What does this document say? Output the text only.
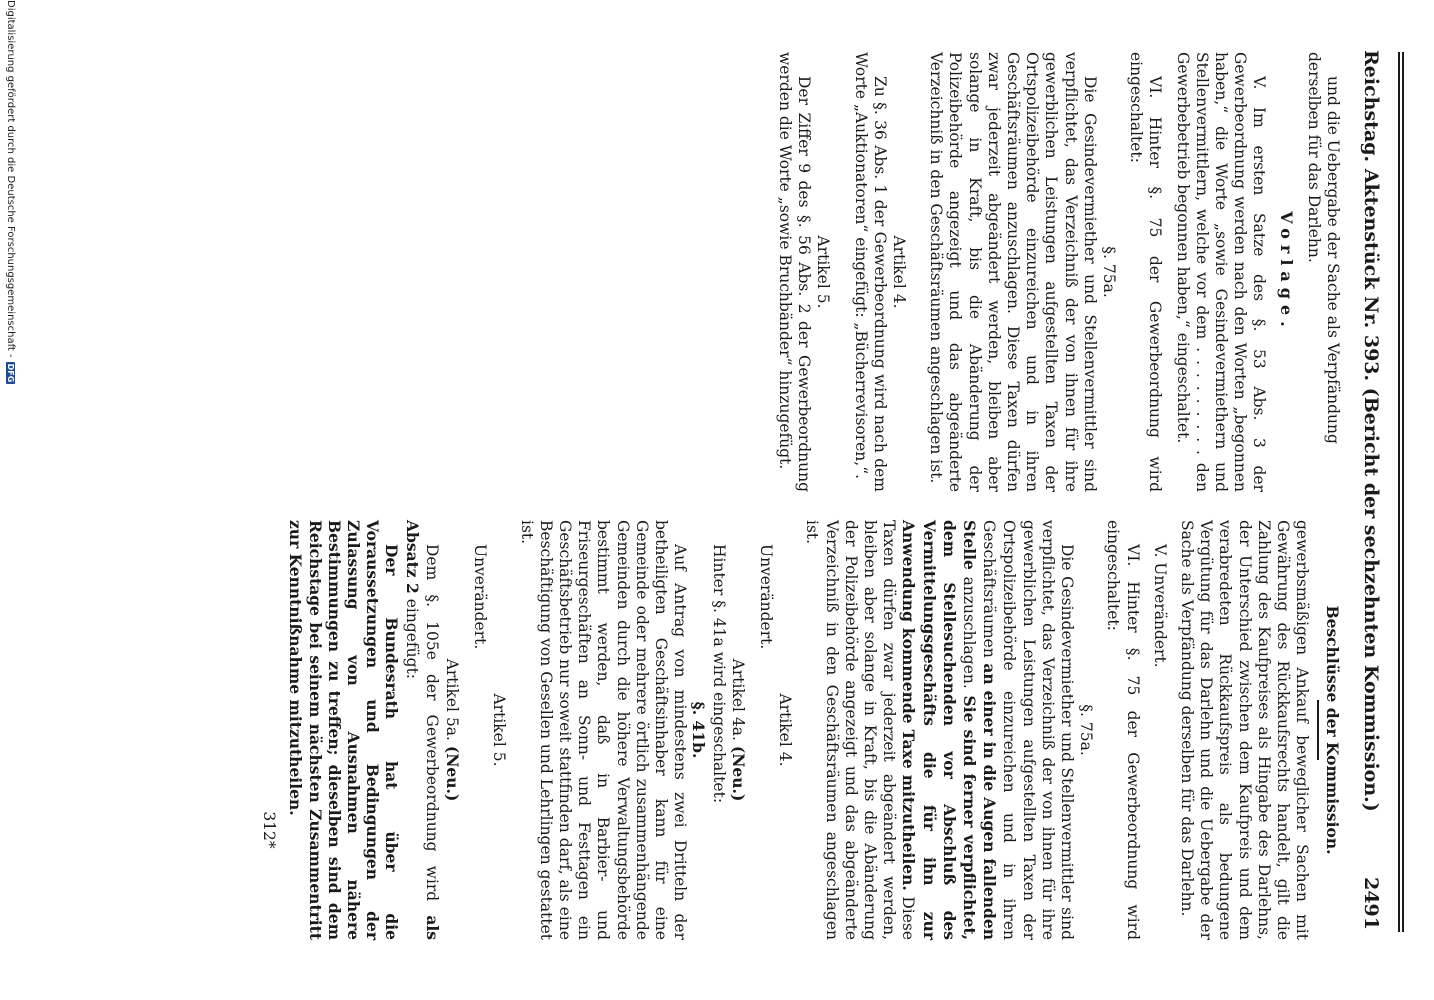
Reichstag. Aktenstück Nr. 393. (Bericht der sechzehnten Kommission.)
2491

und die Uebergabe der Sache als Verpfändung

derselben für das Darlehn.

Vorlage.

V. Im ersten Satze des §. 53 Abs. 3 der Gewerbeordnung werden nach den Worten „begonnen haben,“ die Worte „sowie Gesindevermiethern und Stellenvermittlern, welche vor dem . . . . . . . . . den Gewerbebetrieb begonnen haben,“ eingeschaltet.

VI. Hinter §. 75 der Gewerbeordnung wird eingeschaltet:

§. 75a.

Die Gesindevermiether und Stellenvermittler sind verpflichtet, das Verzeichniß der von ihnen für ihre gewerblichen Leistungen aufgestellten Taxen der Ortspolizeibehörde einzureichen und in ihren Geschäftsräumen anzuschlagen. Diese Taxen dürfen zwar jederzeit abgeändert werden, bleiben aber solange in Kraft, bis die Abänderung der Polizeibehörde angezeigt und das abgeänderte Verzeichniß in den Geschäftsräumen angeschlagen ist.

Artikel 4.

Zu §. 36 Abs. 1 der Gewerbeordnung wird nach dem Worte „Auktionatoren“ eingefügt: „Bücherrevisoren,“.

Artikel 5.

Der Ziffer 9 des §. 56 Abs. 2 der Gewerbeordnung werden die Worte „sowie Bruchbänder“ hinzugefügt.

Beschlüsse der Kommission.

gewerbsmäßigen Ankauf beweglicher Sachen mit Gewährung des Rückkaufsrechts handelt, gilt die Zahlung des Kaufpreises als Hingabe des Darlehns, der Unterschied zwischen dem Kaufpreis und dem verabredeten Rückkaufspreis als bedungene Vergütung für das Darlehn und die Uebergabe der Sache als Verpfändung derselben für das Darlehn.

V. Unverändert.

VI. Hinter §. 75 der Gewerbeordnung wird eingeschaltet:

§. 75a.

Die Gesindevermiether und Stellenvermittler sind verpflichtet, das Verzeichniß der von ihnen für ihre gewerblichen Leistungen aufgestellten Taxen der Ortspolizeibehörde einzureichen und in ihren Geschäftsräumen an einer in die Augen fallenden Stelle anzuschlagen. Sie sind ferner verpflichtet, dem Stellesuchenden vor Abschluß des Vermittelungsgeschäfts die für ihn zur Anwendung kommende Taxe mitzutheilen. Diese Taxen dürfen zwar jederzeit abgeändert werden, bleiben aber solange in Kraft, bis die Abänderung der Polizeibehörde angezeigt und das abgeänderte Verzeichniß in den Geschäftsräumen angeschlagen ist.

Artikel 4.

Unverändert.

Artikel 4a. (Neu.)

Hinter §. 41a wird eingeschaltet:

§. 41b.

Auf Antrag von mindestens zwei Dritteln der betheiligten Geschäftsinhaber kann für eine Gemeinde oder mehrere örtlich zusammenhängende Gemeinden durch die höhere Verwaltungsbehörde bestimmt werden, daß in Barbier- und Friseurgeschäften an Sonn- und Festtagen ein Geschäftsbetrieb nur soweit stattfinden darf, als eine Beschäftigung von Gesellen und Lehrlingen gestattet ist.

Artikel 5.

Unverändert.

Artikel 5a. (Neu.)

Dem §. 105e der Gewerbeordnung wird als Absatz 2 eingefügt:

Der Bundesrath hat über die Voraussetzungen und Bedingungen der Zulassung von Ausnahmen nähere Bestimmungen zu treffen; dieselben sind dem Reichstage bei seinem nächsten Zusammentritt zur Kenntnißnahme mitzutheilen.

312*

Digitalisierung gefördert durch die Deutsche Forschungsgemeinschaft -DFG
